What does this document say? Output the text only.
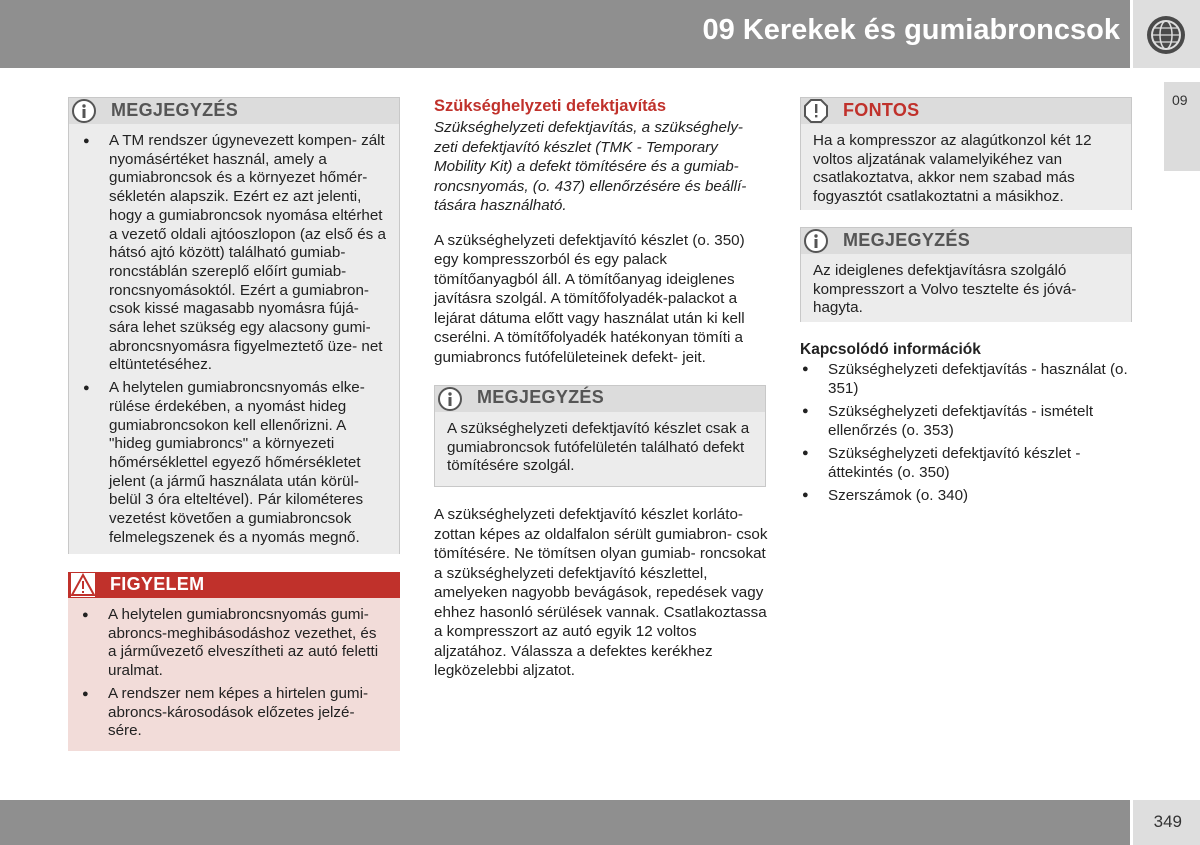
09 Kerekek és gumiabroncsok
09
MEGJEGYZÉS
● A TM rendszer úgynevezett kompen- zált nyomásértéket használ, amely a gumiabroncsok és a környezet hőmér- sékletén alapszik. Ezért ez azt jelenti, hogy a gumiabroncsok nyomása eltérhet a vezető oldali ajtóoszlopon (az első és a hátsó ajtó között) található gumiab- roncstáblán szereplő előírt gumiab- roncsnyomásoktól. Ezért a gumiabron- csok kissé magasabb nyomásra fújá- sára lehet szükség egy alacsony gumi- abroncsnyomásra figyelmeztető üze- net eltüntetéséhez.
● A helytelen gumiabroncsnyomás elke- rülése érdekében, a nyomást hideg gumiabroncsokon kell ellenőrizni. A "hideg gumiabroncs" a környezeti hőmérséklettel egyező hőmérsékletet jelent (a jármű használata után körül- belül 3 óra elteltével). Pár kilométeres vezetést követően a gumiabroncsok felmelegszenek és a nyomás megnő.
FIGYELEM
● A helytelen gumiabroncsnyomás gumi- abroncs-meghibásodáshoz vezethet, és a járművezető elveszítheti az autó feletti uralmat.
● A rendszer nem képes a hirtelen gumi- abroncs-károsodások előzetes jelzé- sére.
Szükséghelyzeti defektjavítás
Szükséghelyzeti defektjavítás, a szükséghely- zeti defektjavító készlet (TMK - Temporary Mobility Kit) a defekt tömítésére és a gumiab- roncsnyomás, (o. 437) ellenőrzésére és beállí- tására használható.
A szükséghelyzeti defektjavító készlet (o. 350) egy kompresszorból és egy palack tömítőanyagból áll. A tömítőanyag ideiglenes javításra szolgál. A tömítőfolyadék-palackot a lejárat dátuma előtt vagy használat után ki kell cserélni. A tömítőfolyadék hatékonyan tömíti a gumiabroncs futófelületeinek defekt- jeit.
MEGJEGYZÉS
A szükséghelyzeti defektjavító készlet csak a gumiabroncsok futófelületén található defekt tömítésére szolgál.
A szükséghelyzeti defektjavító készlet korláto- zottan képes az oldalfalon sérült gumiabron- csok tömítésére. Ne tömítsen olyan gumiab- roncsokat a szükséghelyzeti defektjavító készlettel, amelyeken nagyobb bevágások, repedések vagy ehhez hasonló sérülések vannak. Csatlakoztassa a kompresszort az autó egyik 12 voltos aljzatához. Válassza a defektes kerékhez legközelebbi aljzatot.
FONTOS
Ha a kompresszor az alagútkonzol két 12 voltos aljzatának valamelyikéhez van csatlakoztatva, akkor nem szabad más fogyasztót csatlakoztatni a másikhoz.
MEGJEGYZÉS
Az ideiglenes defektjavításra szolgáló kompresszort a Volvo tesztelte és jóvá- hagyta.
Kapcsolódó információk
● Szükséghelyzeti defektjavítás - használat (o. 351)
● Szükséghelyzeti defektjavítás - ismételt ellenőrzés (o. 353)
● Szükséghelyzeti defektjavító készlet - áttekintés (o. 350)
● Szerszámok (o. 340)
349
